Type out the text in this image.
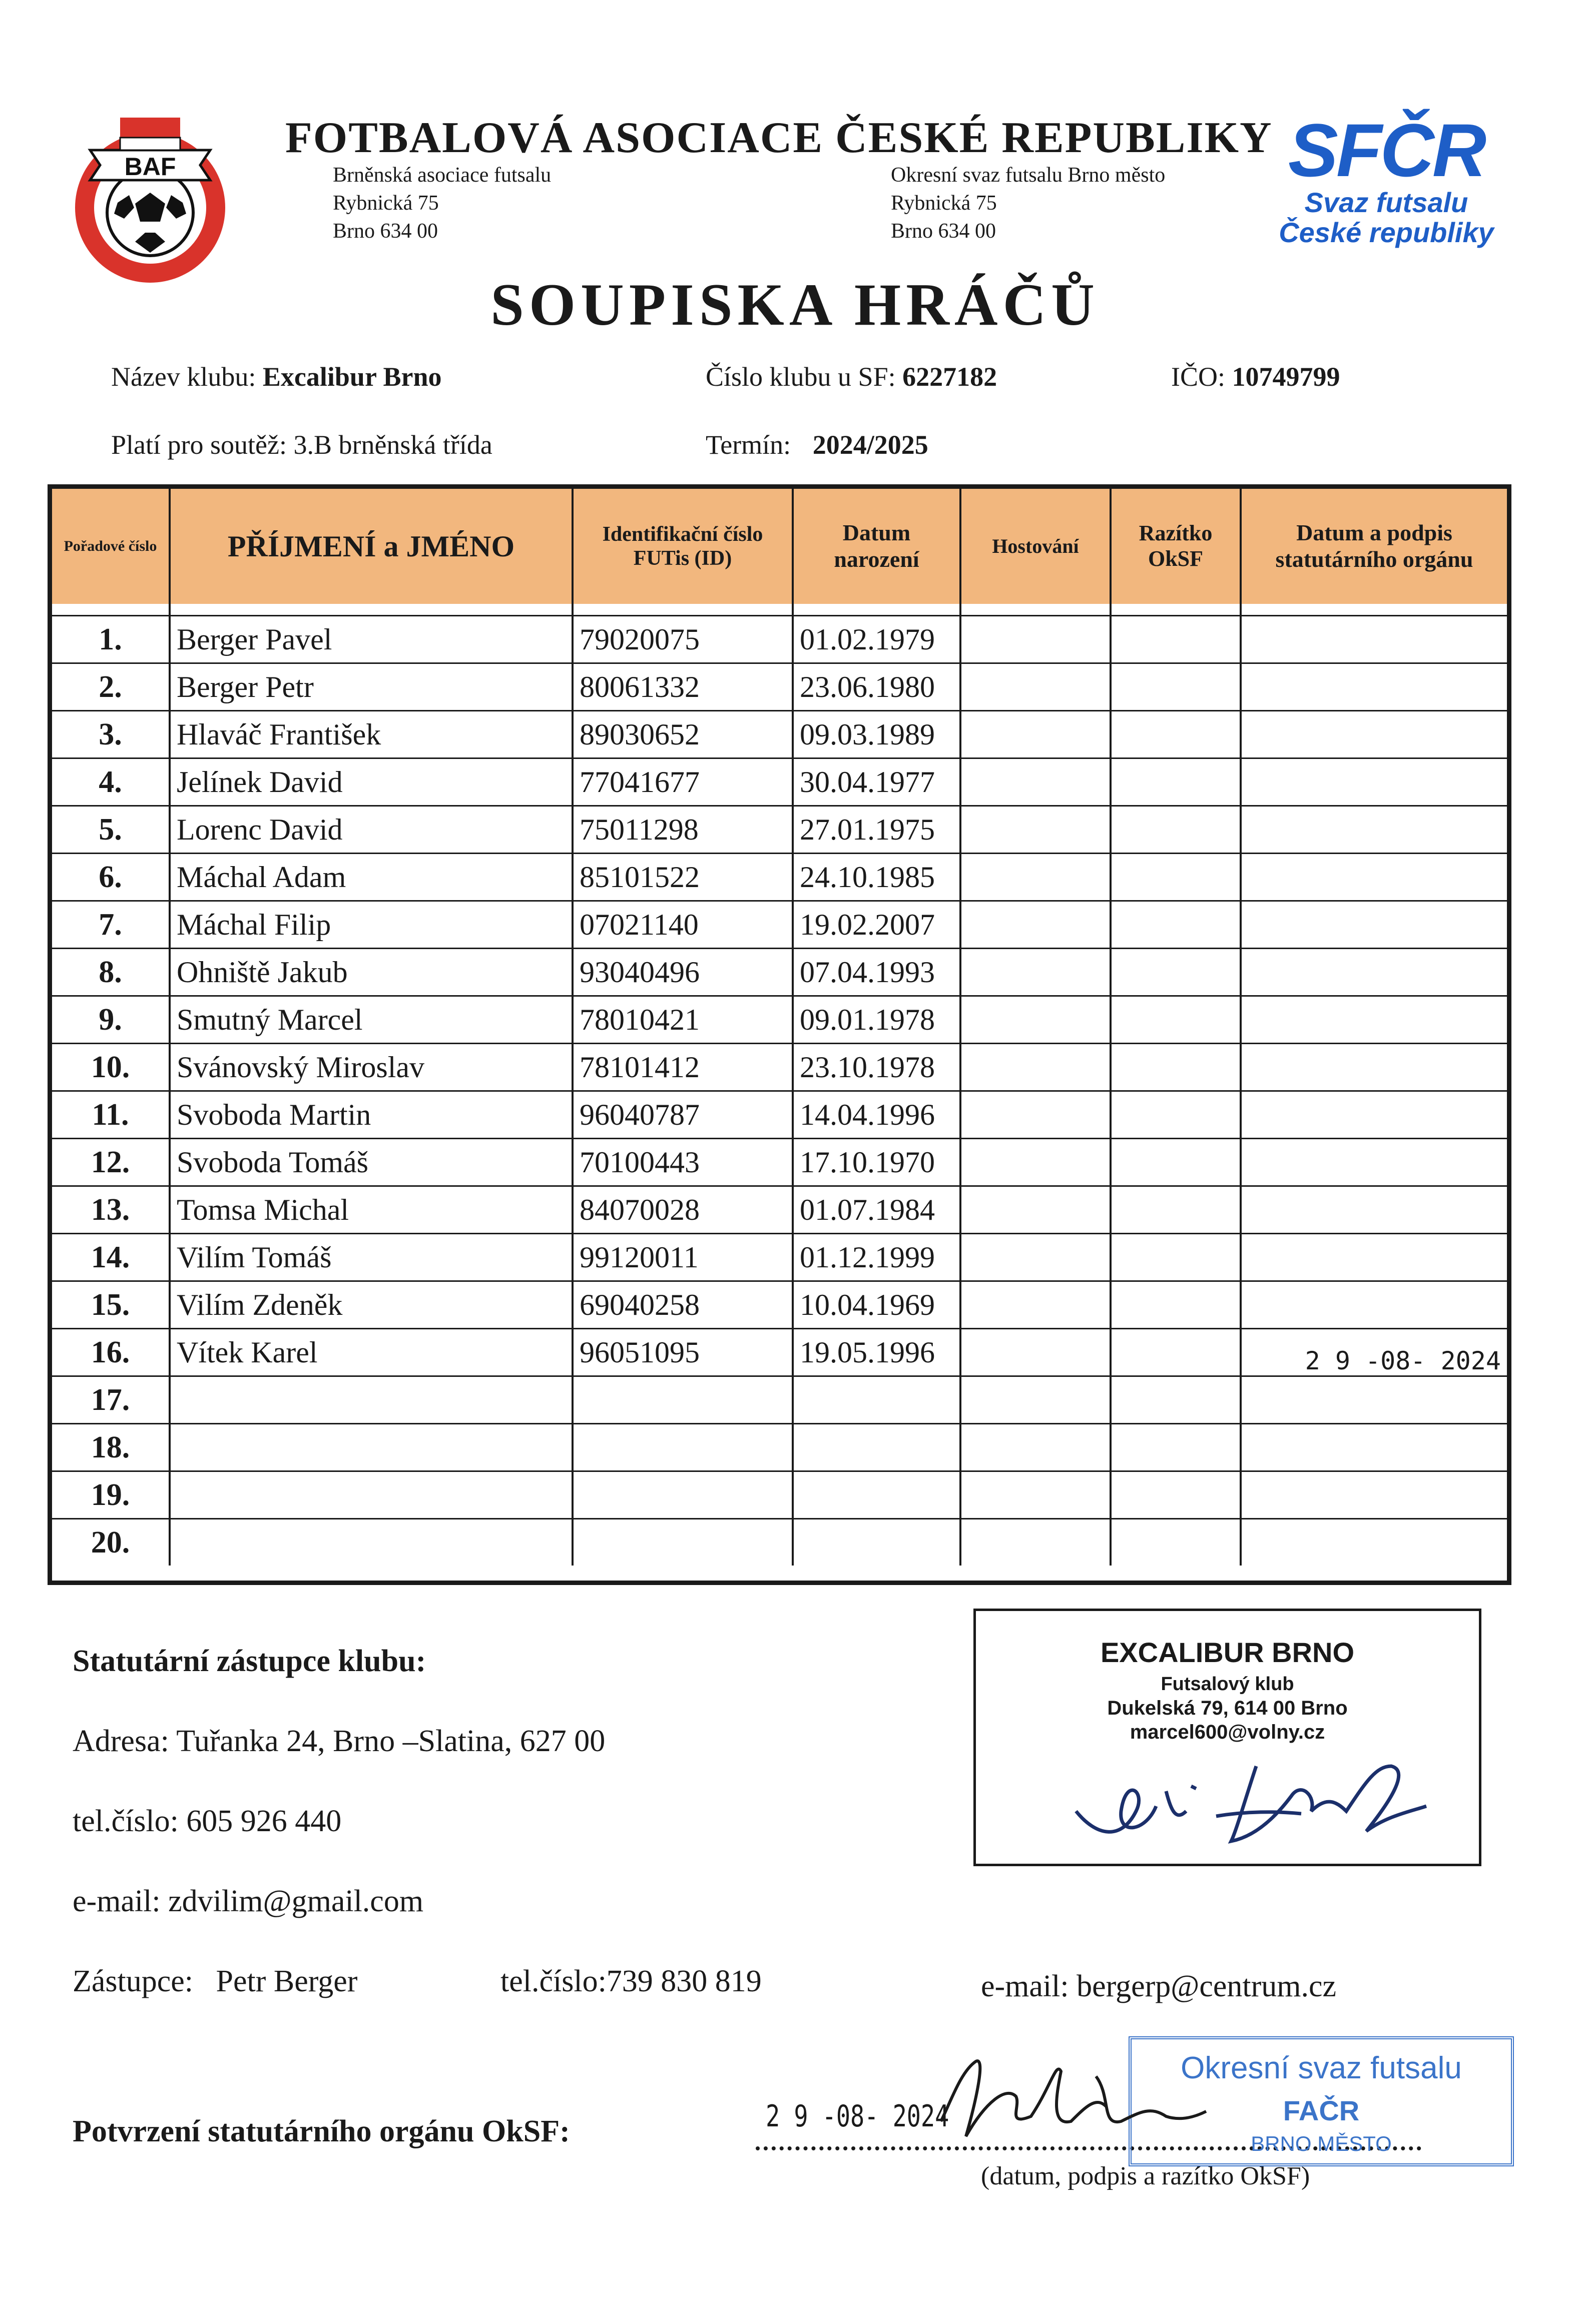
BAF
FOTBALOVÁ ASOCIACE ČESKÉ REPUBLIKY
Brněnská asociace futsalu
Rybnická 75
Brno 634 00
Okresní svaz futsalu Brno město
Rybnická 75
Brno 634 00
SFČR
Svaz futsalu
České republiky
SOUPISKA HRÁČŮ
Název klubu: Excalibur Brno	Číslo klubu u SF: 6227182	IČO: 10749799
Platí pro soutěž: 3.B brněnská třída	Termín: 2024/2025
Pořadové číslo	PŘÍJMENÍ a JMÉNO	Identifikační číslo FUTis (ID)	Datum narození	Hostování	Razítko OkSF	Datum a podpis statutárního orgánu

1.	Berger Pavel	79020075	01.02.1979			
2.	Berger Petr	80061332	23.06.1980			
3.	Hlaváč František	89030652	09.03.1989			
4.	Jelínek David	77041677	30.04.1977			
5.	Lorenc David	75011298	27.01.1975			
6.	Máchal Adam	85101522	24.10.1985			
7.	Máchal Filip	07021140	19.02.2007			
8.	Ohniště Jakub	93040496	07.04.1993			
9.	Smutný Marcel	78010421	09.01.1978			
10.	Svánovský Miroslav	78101412	23.10.1978			
11.	Svoboda Martin	96040787	14.04.1996			
12.	Svoboda Tomáš	70100443	17.10.1970			
13.	Tomsa Michal	84070028	01.07.1984			
14.	Vilím Tomáš	99120011	01.12.1999			
15.	Vilím Zdeněk	69040258	10.04.1969			
16.	Vítek Karel	96051095	19.05.1996			2 9 -08- 2024
17.						
18.						
19.						
20.						
Statutární zástupce klubu:
Adresa: Tuřanka 24, Brno –Slatina, 627 00
tel.číslo: 605 926 440
e-mail: zdvilim@gmail.com
Zástupce: Petr Berger	tel.číslo:739 830 819	e-mail: bergerp@centrum.cz
Potvrzení statutárního orgánu OkSF:	2 9 -08- 2024
(datum, podpis a razítko OkSF)
EXCALIBUR BRNO
Futsalový klub
Dukelská 79, 614 00 Brno
marcel600@volny.cz
Okresní svaz futsalu
FAČR
BRNO MĚSTO
